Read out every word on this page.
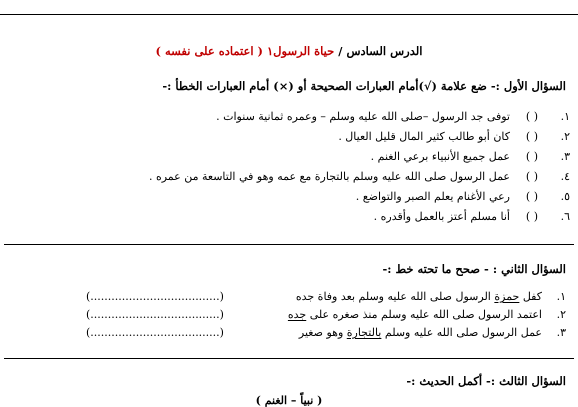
الدرس السادس / حياة الرسول١ ( اعتماده على نفسه )
السؤال الأول :- ضع علامة (√)أمام العبارات الصحيحة أو (×) أمام العبارات الخطأ :-
١.
( )
توفى جد الرسول –صلى الله عليه وسلم – وعمره ثمانية سنوات .
٢.
( )
كان أبو طالب كثير المال قليل العيال .
٣.
( )
عمل جميع الأنبياء برعي الغنم .
٤.
( )
عمل الرسول صلى الله عليه وسلم بالتجارة مع عمه وهو في التاسعة من عمره .
٥.
( )
رعي الأغنام يعلم الصبر والتواضع .
٦.
( )
أنا مسلم أعتز بالعمل وأقدره .
السؤال الثاني : - صحح ما تحته خط :-
١.
كفل حمزة الرسول صلى الله عليه وسلم بعد وفاة جده
(.....................................)
٢.
اعتمد الرسول صلى الله عليه وسلم منذ صغره على جده
(.....................................)
٣.
عمل الرسول صلى الله عليه وسلم بالتجارة وهو صغير
(.....................................)
السؤال الثالث :- أكمل الحديث :-
( نبياً – الغنم )
